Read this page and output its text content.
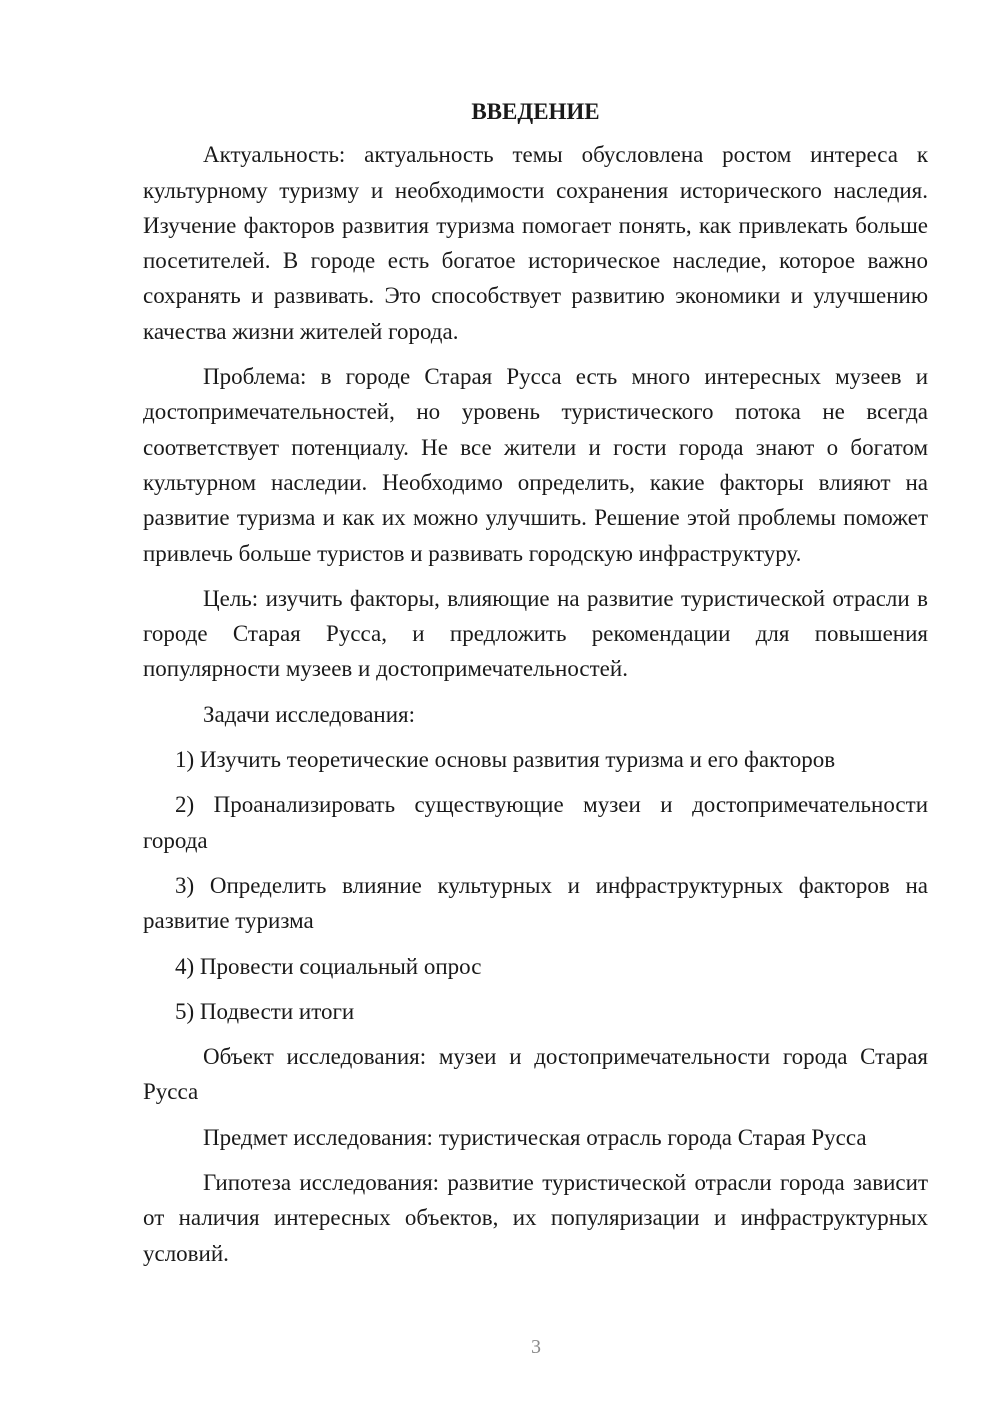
ВВЕДЕНИЕ

Актуальность: актуальность темы обусловлена ростом интереса к культурному туризму и необходимости сохранения исторического наследия. Изучение факторов развития туризма помогает понять, как привлекать больше посетителей. В городе есть богатое историческое наследие, которое важно сохранять и развивать. Это способствует развитию экономики и улучшению качества жизни жителей города.

Проблема: в городе Старая Русса есть много интересных музеев и достопримечательностей, но уровень туристического потока не всегда соответствует потенциалу. Не все жители и гости города знают о богатом культурном наследии. Необходимо определить, какие факторы влияют на развитие туризма и как их можно улучшить. Решение этой проблемы поможет привлечь больше туристов и развивать городскую инфраструктуру.

Цель: изучить факторы, влияющие на развитие туристической отрасли в городе Старая Русса, и предложить рекомендации для повышения популярности музеев и достопримечательностей.

Задачи исследования:

1) Изучить теоретические основы развития туризма и его факторов

2) Проанализировать существующие музеи и достопримечательности города

3) Определить влияние культурных и инфраструктурных факторов на развитие туризма

4) Провести социальный опрос

5) Подвести итоги

Объект исследования: музеи и достопримечательности города Старая Русса

Предмет исследования: туристическая отрасль города Старая Русса

Гипотеза исследования: развитие туристической отрасли города зависит от наличия интересных объектов, их популяризации и инфраструктурных условий.

3
